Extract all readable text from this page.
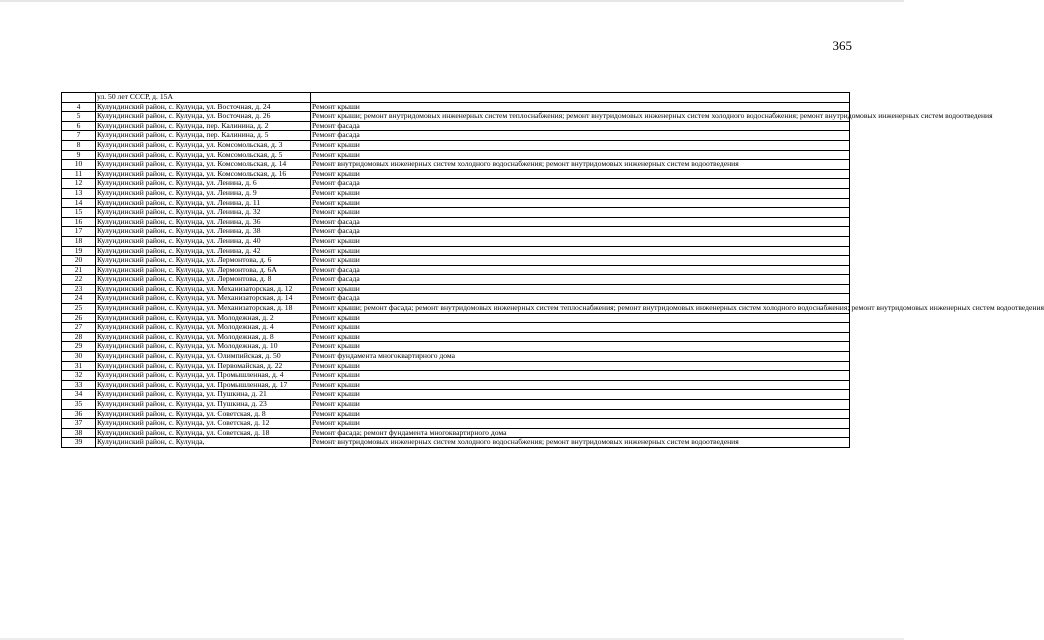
365
	ул. 50 лет СССР, д. 15А	
4	Кулундинский район, с. Кулунда, ул. Восточная, д. 24	Ремонт крыши
5	Кулундинский район, с. Кулунда, ул. Восточная, д. 26	Ремонт крыши; ремонт внутридомовых инженерных систем теплоснабжения; ремонт внутридомовых инженерных систем холодного водоснабжения; ремонт внутридомовых инженерных систем водоотведения
6	Кулундинский район, с. Кулунда, пер. Калинина, д. 2	Ремонт фасада
7	Кулундинский район, с. Кулунда, пер. Калинина, д. 5	Ремонт фасада
8	Кулундинский район, с. Кулунда, ул. Комсомольская, д. 3	Ремонт крыши
9	Кулундинский район, с. Кулунда, ул. Комсомольская, д. 5	Ремонт крыши
10	Кулундинский район, с. Кулунда, ул. Комсомольская, д. 14	Ремонт внутридомовых инженерных систем холодного водоснабжения; ремонт внутридомовых инженерных систем водоотведения
11	Кулундинский район, с. Кулунда, ул. Комсомольская, д. 16	Ремонт крыши
12	Кулундинский район, с. Кулунда, ул. Ленина, д. 6	Ремонт фасада
13	Кулундинский район, с. Кулунда, ул. Ленина, д. 9	Ремонт крыши
14	Кулундинский район, с. Кулунда, ул. Ленина, д. 11	Ремонт крыши
15	Кулундинский район, с. Кулунда, ул. Ленина, д. 32	Ремонт крыши
16	Кулундинский район, с. Кулунда, ул. Ленина, д. 36	Ремонт фасада
17	Кулундинский район, с. Кулунда, ул. Ленина, д. 38	Ремонт фасада
18	Кулундинский район, с. Кулунда, ул. Ленина, д. 40	Ремонт крыши
19	Кулундинский район, с. Кулунда, ул. Ленина, д. 42	Ремонт крыши
20	Кулундинский район, с. Кулунда, ул. Лермонтова, д. 6	Ремонт крыши
21	Кулундинский район, с. Кулунда, ул. Лермонтова, д. 6А	Ремонт фасада
22	Кулундинский район, с. Кулунда, ул. Лермонтова, д. 8	Ремонт фасада
23	Кулундинский район, с. Кулунда, ул. Механизаторская, д. 12	Ремонт крыши
24	Кулундинский район, с. Кулунда, ул. Механизаторская, д. 14	Ремонт фасада
25	Кулундинский район, с. Кулунда, ул. Механизаторская, д. 18	Ремонт крыши; ремонт фасада; ремонт внутридомовых инженерных систем теплоснабжения; ремонт внутридомовых инженерных систем холодного водоснабжения; ремонт внутридомовых инженерных систем водоотведения
26	Кулундинский район, с. Кулунда, ул. Молодежная, д. 2	Ремонт крыши
27	Кулундинский район, с. Кулунда, ул. Молодежная, д. 4	Ремонт крыши
28	Кулундинский район, с. Кулунда, ул. Молодежная, д. 8	Ремонт крыши
29	Кулундинский район, с. Кулунда, ул. Молодежная, д. 10	Ремонт крыши
30	Кулундинский район, с. Кулунда, ул. Олимпийская, д. 50	Ремонт фундамента многоквартирного дома
31	Кулундинский район, с. Кулунда, ул. Первомайская, д. 22	Ремонт крыши
32	Кулундинский район, с. Кулунда, ул. Промышленная, д. 4	Ремонт крыши
33	Кулундинский район, с. Кулунда, ул. Промышленная, д. 17	Ремонт крыши
34	Кулундинский район, с. Кулунда, ул. Пушкина, д. 21	Ремонт крыши
35	Кулундинский район, с. Кулунда, ул. Пушкина, д. 23	Ремонт крыши
36	Кулундинский район, с. Кулунда, ул. Советская, д. 8	Ремонт крыши
37	Кулундинский район, с. Кулунда, ул. Советская, д. 12	Ремонт крыши
38	Кулундинский район, с. Кулунда, ул. Советская, д. 18	Ремонт фасада; ремонт фундамента многоквартирного дома
39	Кулундинский район, с. Кулунда,	Ремонт внутридомовых инженерных систем холодного водоснабжения; ремонт внутридомовых инженерных систем водоотведения
